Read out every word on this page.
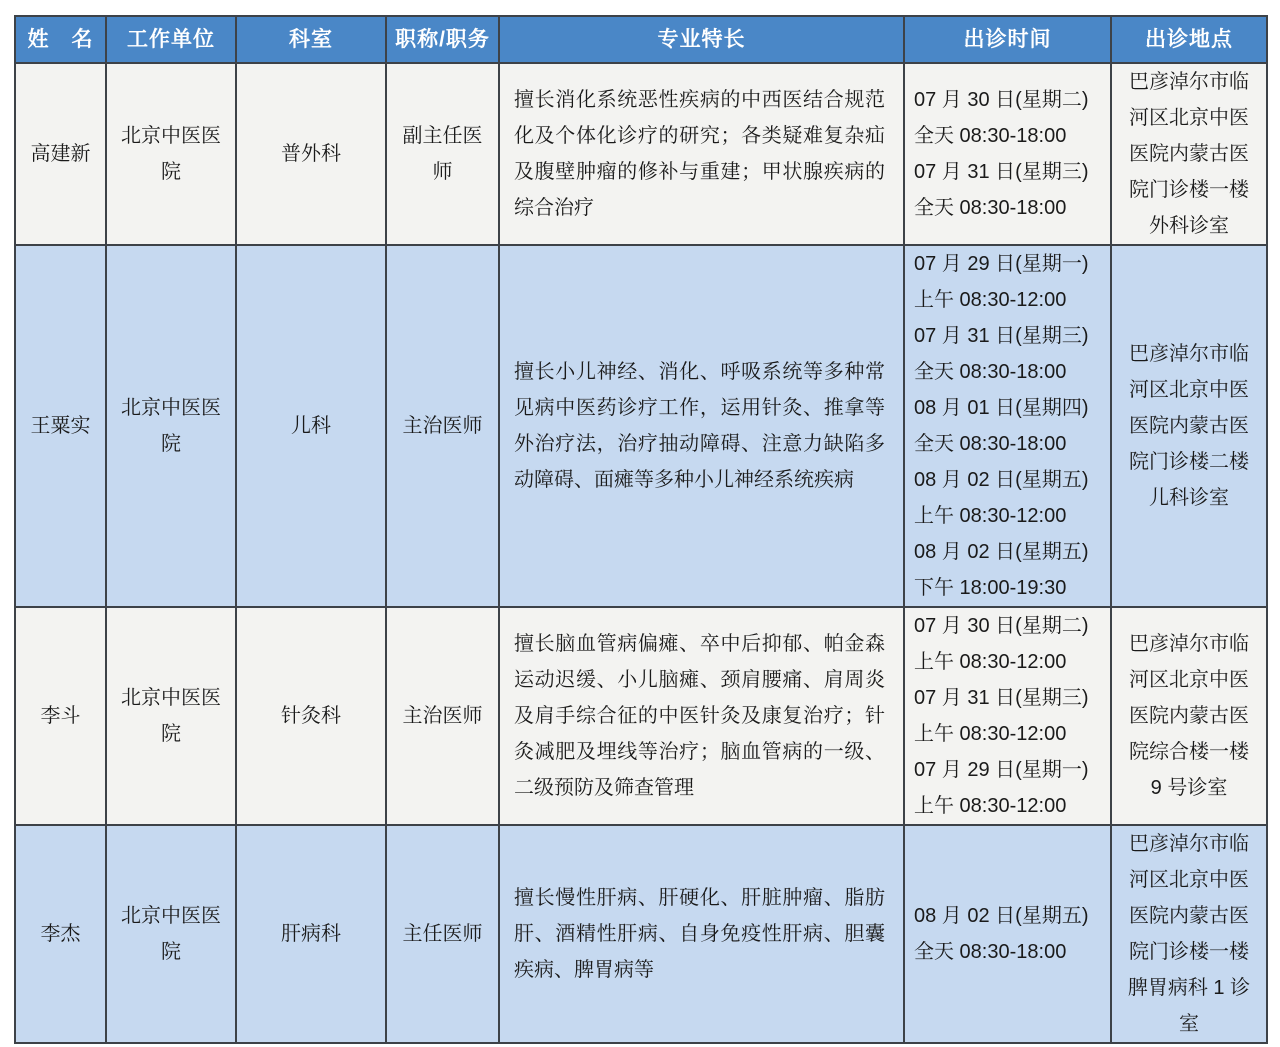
姓　名	工作单位	科室	职称/职务	专业特长	出诊时间	出诊地点
高建新	北京中医医院	普外科	副主任医师	擅长消化系统恶性疾病的中西医结合规范化及个体化诊疗的研究；各类疑难复杂疝及腹壁肿瘤的修补与重建；甲状腺疾病的综合治疗	07 月 30 日(星期二)
全天 08:30-18:00
07 月 31 日(星期三)
全天 08:30-18:00	巴彦淖尔市临河区北京中医医院内蒙古医院门诊楼一楼外科诊室
王粟实	北京中医医院	儿科	主治医师	擅长小儿神经、消化、呼吸系统等多种常见病中医药诊疗工作，运用针灸、推拿等外治疗法，治疗抽动障碍、注意力缺陷多动障碍、面瘫等多种小儿神经系统疾病	
07 月 29 日(星期一)
上午 08:30-12:00
07 月 31 日(星期三)
全天 08:30-18:00
08 月 01 日(星期四)
全天 08:30-18:00
08 月 02 日(星期五)
上午 08:30-12:00
08 月 02 日(星期五)
下午 18:00-19:30
	巴彦淖尔市临河区北京中医医院内蒙古医院门诊楼二楼儿科诊室
李斗	北京中医医院	针灸科	主治医师	擅长脑血管病偏瘫、卒中后抑郁、帕金森运动迟缓、小儿脑瘫、颈肩腰痛、肩周炎及肩手综合征的中医针灸及康复治疗；针灸减肥及埋线等治疗；脑血管病的一级、二级预防及筛查管理	
07 月 30 日(星期二)
上午 08:30-12:00
07 月 31 日(星期三)
上午 08:30-12:00
07 月 29 日(星期一)
上午 08:30-12:00
	巴彦淖尔市临河区北京中医医院内蒙古医院综合楼一楼 9 号诊室
李杰	北京中医医院	肝病科	主任医师	擅长慢性肝病、肝硬化、肝脏肿瘤、脂肪肝、酒精性肝病、自身免疫性肝病、胆囊疾病、脾胃病等	08 月 02 日(星期五)
全天 08:30-18:00	巴彦淖尔市临河区北京中医医院内蒙古医院门诊楼一楼脾胃病科 1 诊室
